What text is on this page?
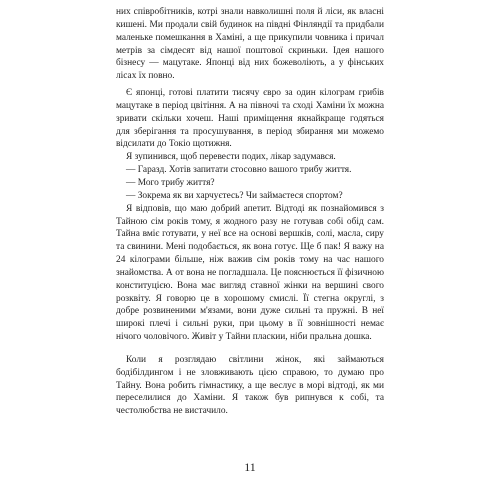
них співробітників, котрі знали навколишні поля й ліси, як власні кишені. Ми продали свій будинок на півдні Фінляндії та придбали маленьке помешкання в Хаміні, а ще прикупили човника і причал метрів за сімдесят від нашої поштової скриньки. Ідея нашого бізнесу — мацутаке. Японці від них божеволіють, а у фінських лісах їх повно.

Є японці, готові платити тисячу євро за один кілограм грибів мацутаке в період цвітіння. А на півночі та сході Хаміни їх можна зривати скільки хочеш. Наші приміщення якнайкраще годяться для зберігання та просушування, в період збирання ми можемо відсилати до Токіо щотижня.

Я зупинився, щоб перевести подих, лікар задумався.

— Гаразд. Хотів запитати стосовно вашого трибу життя.

— Мого трибу життя?

— Зокрема як ви харчуєтесь? Чи займаєтеся спортом?

Я відповів, що маю добрий апетит. Відтоді як познайомився з Тайною сім років тому, я жодного разу не готував собі обід сам. Тайна вміє готувати, у неї все на основі вершків, солі, масла, сиру та свинини. Мені подобається, як вона готує. Ще б пак! Я важу на 24 кілограми більше, ніж важив сім років тому на час нашого знайомства. А от вона не погладшала. Це пояснюється її фізичною конституцією. Вона має вигляд ставної жінки на вершині свого розквіту. Я говорю це в хорошому смислі. Її стегна округлі, з добре розвиненими м'язами, вони дуже сильні та пружні. В неї широкі плечі і сильні руки, при цьому в її зовнішності немає нічого чоловічого. Живіт у Тайни пласкии, ніби пральна дошка.

Коли я розглядаю світлини жінок, які займаються бодібілдингом і не зловживають цією справою, то думаю про Тайну. Вона робить гімнастику, а ще веслує в морі відтоді, як ми переселилися до Хаміни. Я також був рипнувся к собі, та честолюбства не вистачило.

11
